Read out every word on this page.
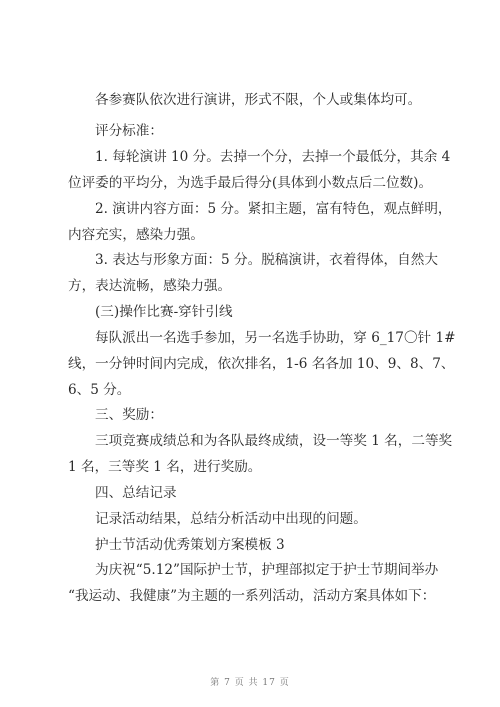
各参赛队依次进行演讲，形式不限，个人或集体均可。
评分标准：
1. 每轮演讲 10 分。去掉一个分，去掉一个最低分，其余 4
位评委的平均分，为选手最后得分(具体到小数点后二位数)。
2. 演讲内容方面：5 分。紧扣主题，富有特色，观点鲜明，
内容充实，感染力强。
3. 表达与形象方面：5 分。脱稿演讲，衣着得体，自然大
方，表达流畅，感染力强。
(三)操作比赛-穿针引线
每队派出一名选手参加，另一名选手协助，穿 6_17〇针 1#
线，一分钟时间内完成，依次排名，1-6 名各加 10、9、8、7、
6、5 分。
三、奖励：
三项竞赛成绩总和为各队最终成绩，设一等奖 1 名，二等奖
1 名，三等奖 1 名，进行奖励。
四、总结记录
记录活动结果，总结分析活动中出现的问题。
护士节活动优秀策划方案模板 3
为庆祝“5.12”国际护士节，护理部拟定于护士节期间举办
“我运动、我健康”为主题的一系列活动，活动方案具体如下：
第 7 页 共 17 页
